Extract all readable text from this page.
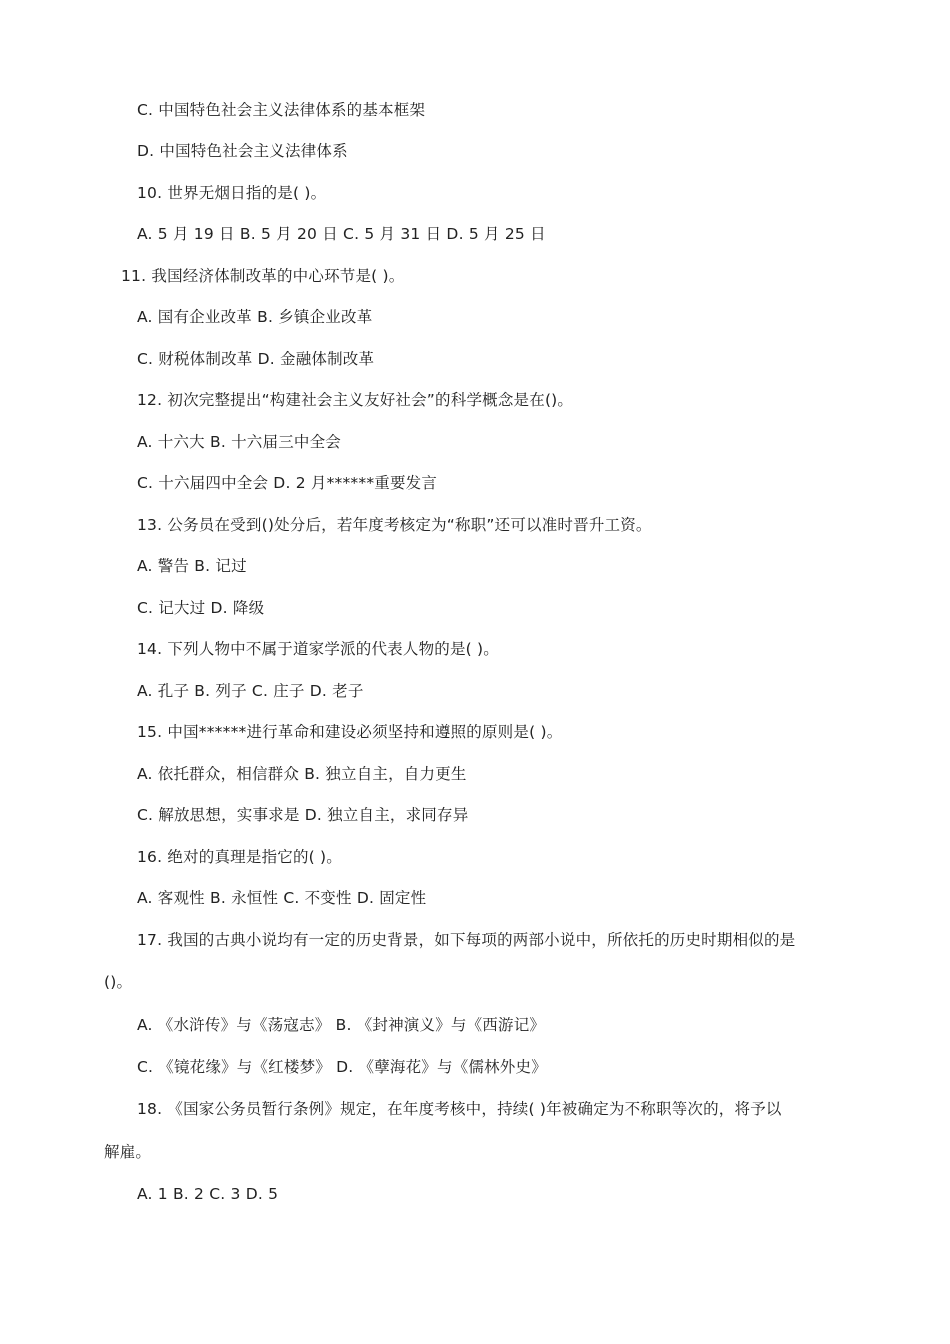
C. 中国特色社会主义法律体系的基本框架
D. 中国特色社会主义法律体系
10. 世界无烟日指的是( )。
A. 5 月 19 日 B. 5 月 20 日 C. 5 月 31 日 D. 5 月 25 日
11. 我国经济体制改革的中心环节是( )。
A. 国有企业改革 B. 乡镇企业改革
C. 财税体制改革 D. 金融体制改革
12. 初次完整提出“构建社会主义友好社会”的科学概念是在()。
A. 十六大 B. 十六届三中全会
C. 十六届四中全会 D. 2 月******重要发言
13. 公务员在受到()处分后，若年度考核定为“称职”还可以准时晋升工资。
A. 警告 B. 记过
C. 记大过 D. 降级
14. 下列人物中不属于道家学派的代表人物的是( )。
A. 孔子 B. 列子 C. 庄子 D. 老子
15. 中国******进行革命和建设必须坚持和遵照的原则是( )。
A. 依托群众，相信群众 B. 独立自主，自力更生
C. 解放思想，实事求是 D. 独立自主，求同存异
16. 绝对的真理是指它的( )。
A. 客观性 B. 永恒性 C. 不变性 D. 固定性
17. 我国的古典小说均有一定的历史背景，如下每项的两部小说中，所依托的历史时期相似的是
()。
A. 《水浒传》与《荡寇志》 B. 《封神演义》与《西游记》
C. 《镜花缘》与《红楼梦》 D. 《孽海花》与《儒林外史》
18. 《国家公务员暂行条例》规定，在年度考核中，持续( )年被确定为不称职等次的，将予以
解雇。
A. 1 B. 2 C. 3 D. 5
